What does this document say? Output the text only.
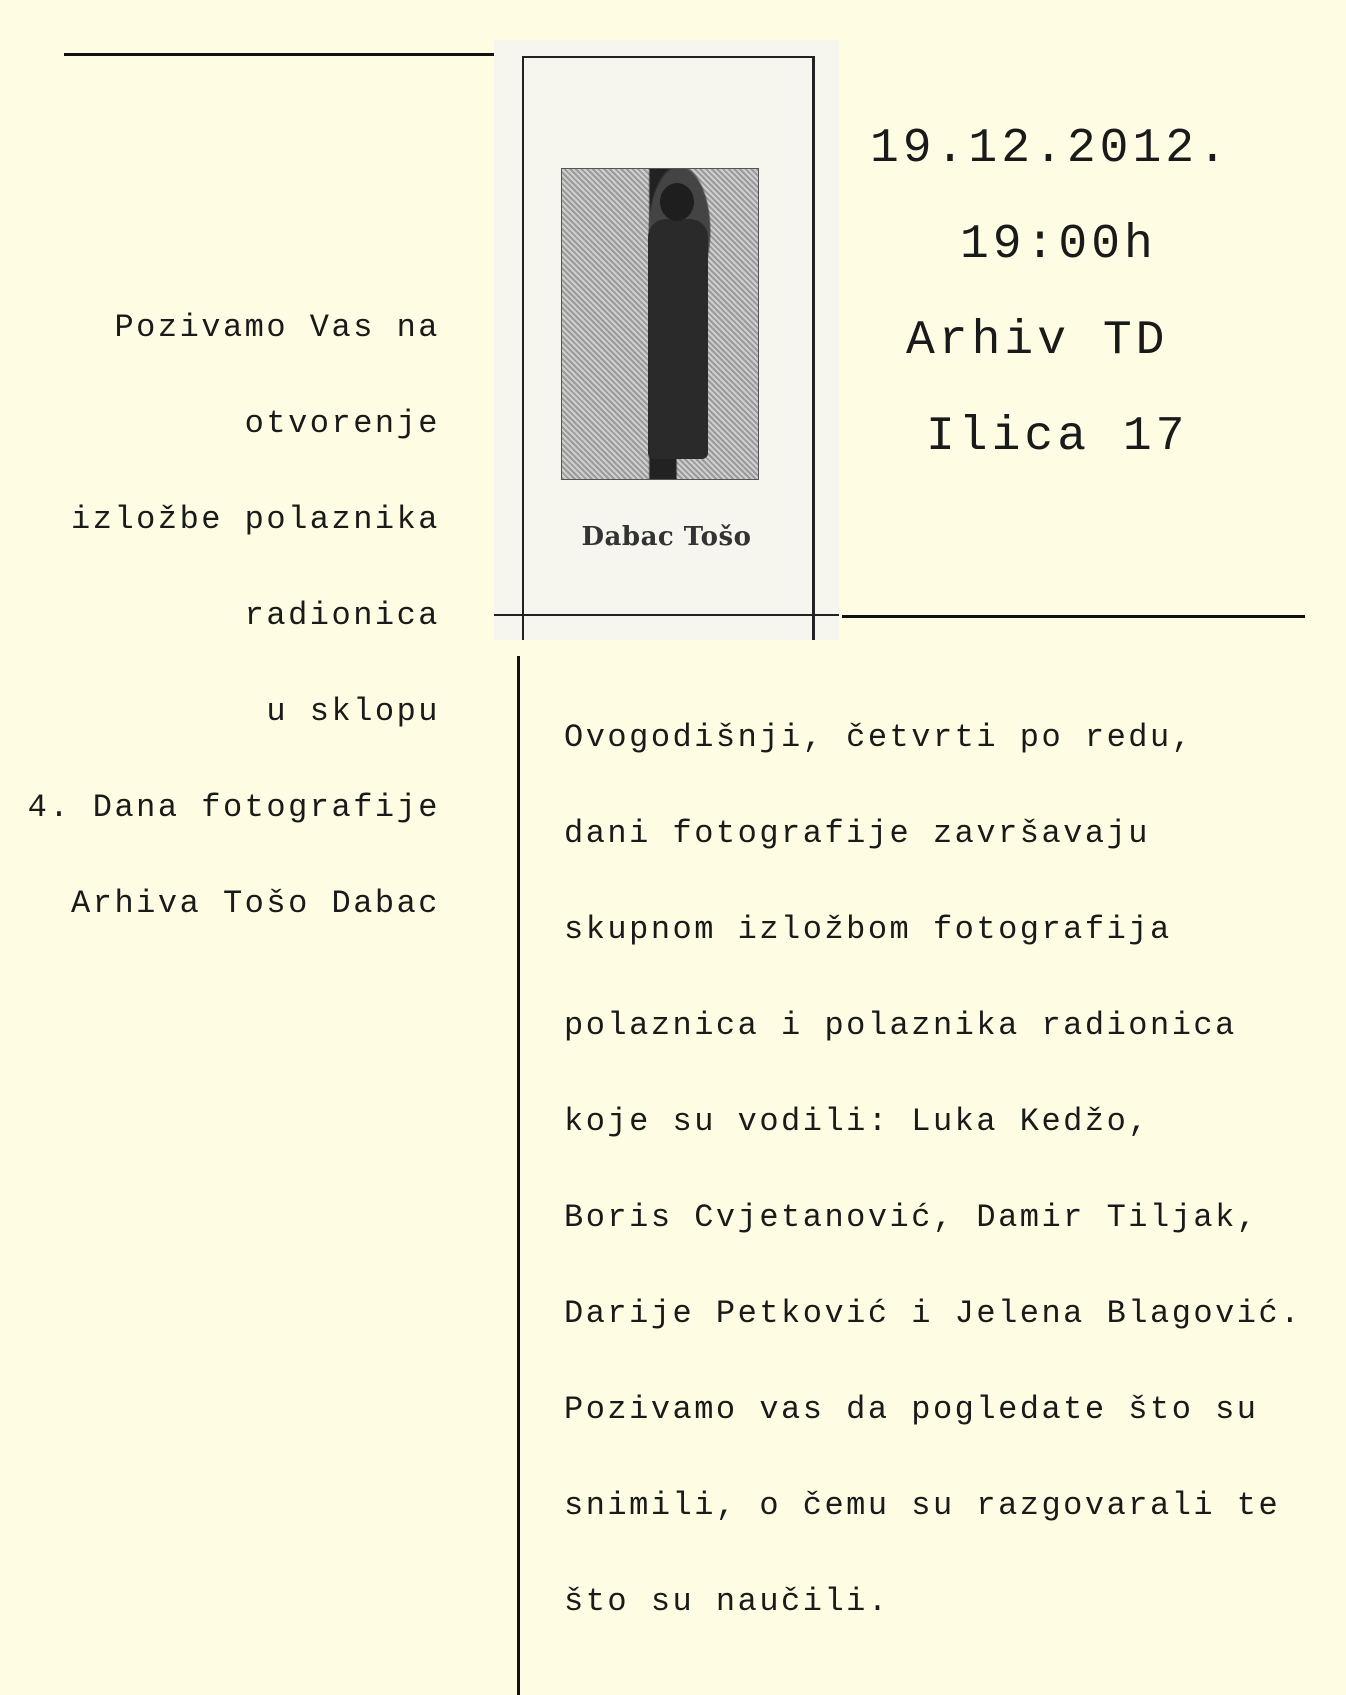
Dabac Tošo
Pozivamo Vas na
otvorenje
izložbe polaznika
radionica
u sklopu
4. Dana fotografije
Arhiva Tošo Dabac
19.12.2012.
19:00h
Arhiv TD
Ilica 17
Ovogodišnji, četvrti po redu,
dani fotografije završavaju
skupnom izložbom fotografija
polaznica i polaznika radionica
koje su vodili: Luka Kedžo,
Boris Cvjetanović, Damir Tiljak,
Darije Petković i Jelena Blagović.
Pozivamo vas da pogledate što su
snimili, o čemu su razgovarali te
što su naučili.
